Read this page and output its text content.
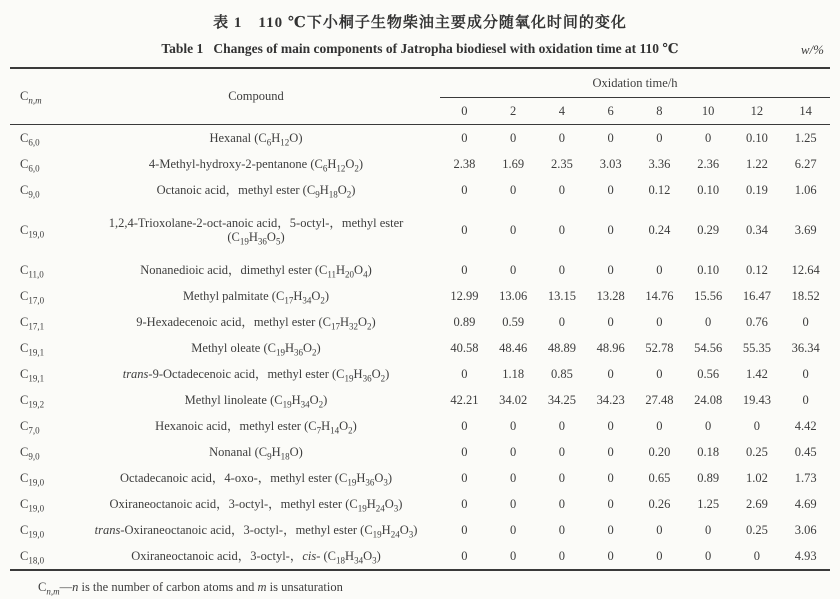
表 1　110 ℃下小桐子生物柴油主要成分随氧化时间的变化
Table 1   Changes of main components of Jatropha biodiesel with oxidation time at 110 ℃	w/%
$C_{n,m}$	Compound	Oxidation time/h							
		0	2	4	6	8	10	12	14
$C_{6,0}$	Hexanal $(C_6H_{12}O)$	0	0	0	0	0	0	0.10	1.25
$C_{6,0}$	4-Methyl-hydroxy-2-pentanone $(C_6H_{12}O_2)$	2.38	1.69	2.35	3.03	3.36	2.36	1.22	6.27
$C_{9,0}$	Octanoic acid，methyl ester $(C_9H_{18}O_2)$	0	0	0	0	0.12	0.10	0.19	1.06
$C_{19,0}$	1,2,4-Trioxolane-2-oct-anoic acid，5-octyl-，methyl ester
$(C_{19}H_{36}O_5)$	0	0	0	0	0.24	0.29	0.34	3.69
$C_{11,0}$	Nonanedioic acid，dimethyl ester $(C_{11}H_{20}O_4)$	0	0	0	0	0	0.10	0.12	12.64
$C_{17,0}$	Methyl palmitate $(C_{17}H_{34}O_2)$	12.99	13.06	13.15	13.28	14.76	15.56	16.47	18.52
$C_{17,1}$	9-Hexadecenoic acid，methyl ester $(C_{17}H_{32}O_2)$	0.89	0.59	0	0	0	0	0.76	0
$C_{19,1}$	Methyl oleate $(C_{19}H_{36}O_2)$	40.58	48.46	48.89	48.96	52.78	54.56	55.35	36.34
$C_{19,1}$	trans-9-Octadecenoic acid，methyl ester $(C_{19}H_{36}O_2)$	0	1.18	0.85	0	0	0.56	1.42	0
$C_{19,2}$	Methyl linoleate $(C_{19}H_{34}O_2)$	42.21	34.02	34.25	34.23	27.48	24.08	19.43	0
$C_{7,0}$	Hexanoic acid，methyl ester $(C_7H_{14}O_2)$	0	0	0	0	0	0	0	4.42
$C_{9,0}$	Nonanal $(C_9H_{18}O)$	0	0	0	0	0.20	0.18	0.25	0.45
$C_{19,0}$	Octadecanoic acid，4-oxo-，methyl ester $(C_{19}H_{36}O_3)$	0	0	0	0	0.65	0.89	1.02	1.73
$C_{19,0}$	Oxiraneoctanoic acid，3-octyl-，methyl ester $(C_{19}H_{24}O_3)$	0	0	0	0	0.26	1.25	2.69	4.69
$C_{19,0}$	trans-Oxiraneoctanoic acid，3-octyl-，methyl ester $(C_{19}H_{24}O_3)$	0	0	0	0	0	0	0.25	3.06
$C_{18,0}$	Oxiraneoctanoic acid，3-octyl-，cis- $(C_{18}H_{34}O_3)$	0	0	0	0	0	0	0	4.93
$C_{n,m}—n$ is the number of carbon atoms and m is unsaturation
